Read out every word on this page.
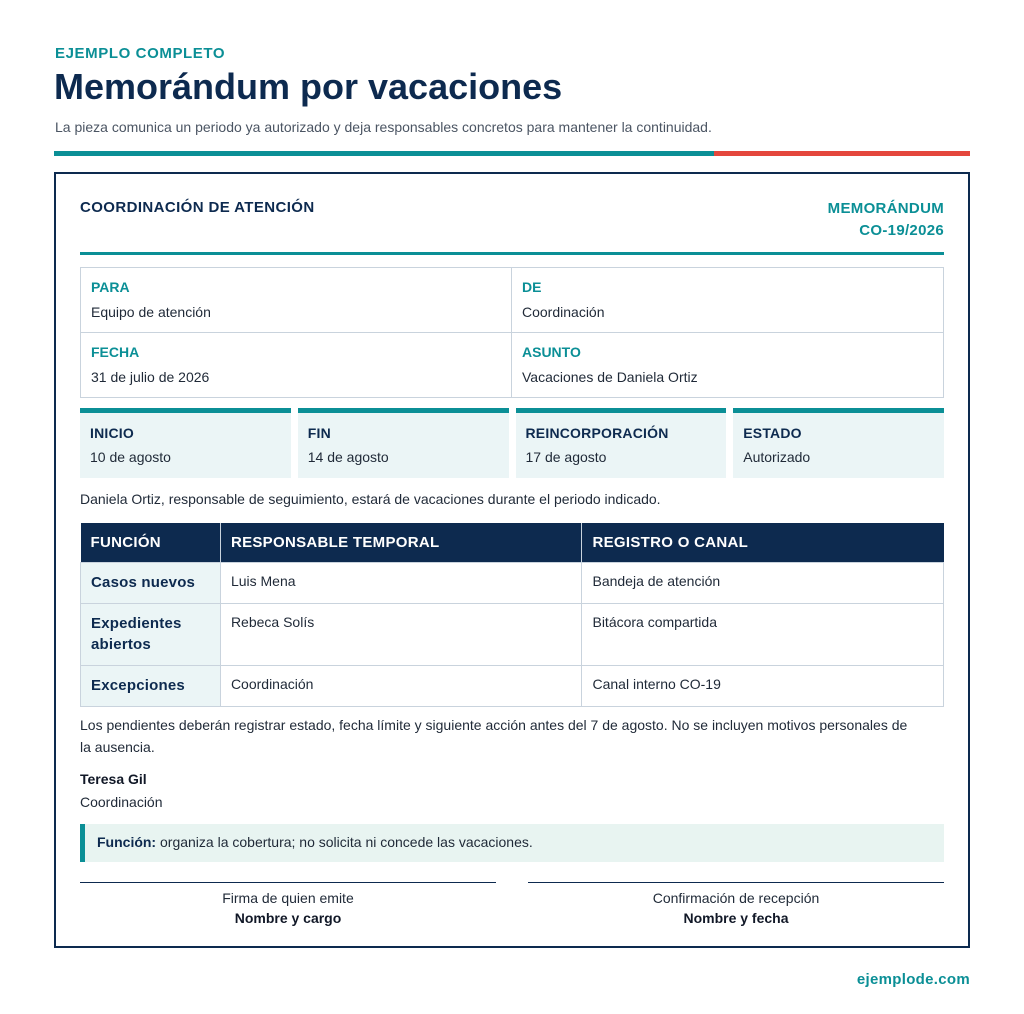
EJEMPLO COMPLETO
Memorándum por vacaciones

La pieza comunica un periodo ya autorizado y deja responsables concretos para mantener la continuidad.

COORDINACIÓN DE ATENCIÓN	MEMORÁNDUM
CO-19/2026
PARA
Equipo de atención
DE
Coordinación
FECHA
31 de julio de 2026
ASUNTO
Vacaciones de Daniela Ortiz
INICIO
10 de agosto
FIN
14 de agosto
REINCORPORACIÓN
17 de agosto
ESTADO
Autorizado

Daniela Ortiz, responsable de seguimiento, estará de vacaciones durante el periodo indicado.

FUNCIÓN	RESPONSABLE TEMPORAL	REGISTRO O CANAL
Casos nuevos	Luis Mena	Bandeja de atención
Expedientes abiertos	Rebeca Solís	Bitácora compartida
Excepciones	Coordinación	Canal interno CO-19

Los pendientes deberán registrar estado, fecha límite y siguiente acción antes del 7 de agosto. No se incluyen motivos personales de la ausencia.

Teresa Gil
Coordinación
Función: organiza la cobertura; no solicita ni concede las vacaciones.
Firma de quien emite
Nombre y cargo
Confirmación de recepción
Nombre y fecha
ejemplode.com
